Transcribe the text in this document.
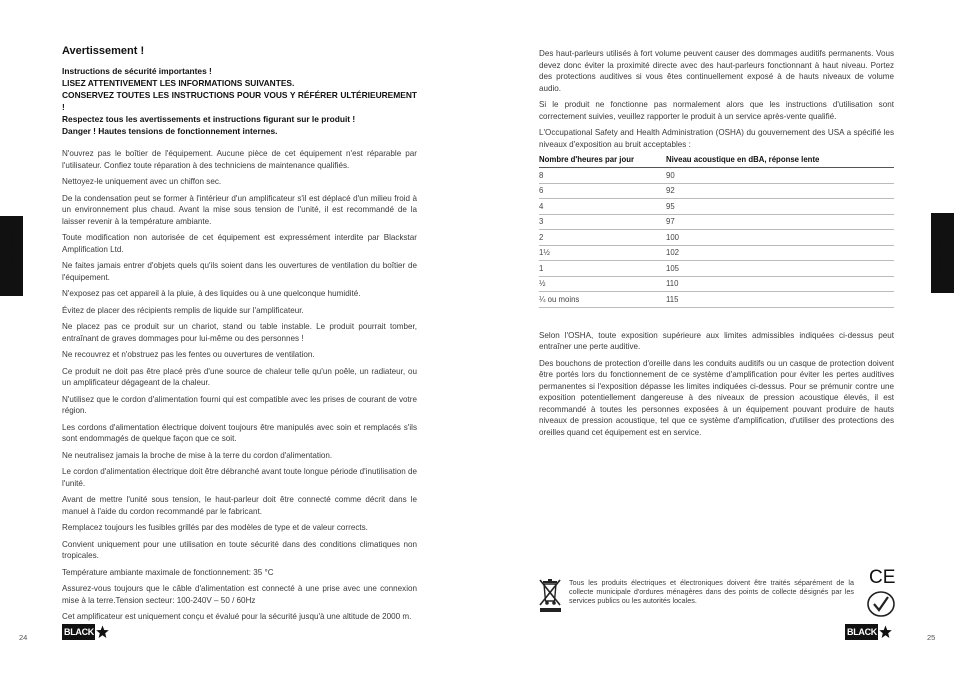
Français	Français
Avertissement !

Instructions de sécurité importantes !

LISEZ ATTENTIVEMENT LES INFORMATIONS SUIVANTES.

CONSERVEZ TOUTES LES INSTRUCTIONS POUR VOUS Y RÉFÉRER ULTÉRIEUREMENT !

Respectez tous les avertissements et instructions figurant sur le produit !

Danger ! Hautes tensions de fonctionnement internes.

N'ouvrez pas le boîtier de l'équipement. Aucune pièce de cet équipement n'est réparable par l'utilisateur. Confiez toute réparation à des techniciens de maintenance qualifiés.

Nettoyez-le uniquement avec un chiffon sec.

De la condensation peut se former à l'intérieur d'un amplificateur s'il est déplacé d'un milieu froid à un environnement plus chaud. Avant la mise sous tension de l'unité, il est recommandé de la laisser revenir à la température ambiante.

Toute modification non autorisée de cet équipement est expressément interdite par Blackstar Amplification Ltd.

Ne faites jamais entrer d'objets quels qu'ils soient dans les ouvertures de ventilation du boîtier de l'équipement.

N'exposez pas cet appareil à la pluie, à des liquides ou à une quelconque humidité.

Évitez de placer des récipients remplis de liquide sur l'amplificateur.

Ne placez pas ce produit sur un chariot, stand ou table instable. Le produit pourrait tomber, entraînant de graves dommages pour lui-même ou des personnes !

Ne recouvrez et n'obstruez pas les fentes ou ouvertures de ventilation.

Ce produit ne doit pas être placé près d'une source de chaleur telle qu'un poêle, un radiateur, ou un amplificateur dégageant de la chaleur.

N'utilisez que le cordon d'alimentation fourni qui est compatible avec les prises de courant de votre région.

Les cordons d'alimentation électrique doivent toujours être manipulés avec soin et remplacés s'ils sont endommagés de quelque façon que ce soit.

Ne neutralisez jamais la broche de mise à la terre du cordon d'alimentation.

Le cordon d'alimentation électrique doit être débranché avant toute longue période d'inutilisation de l'unité.

Avant de mettre l'unité sous tension, le haut-parleur doit être connecté comme décrit dans le manuel à l'aide du cordon recommandé par le fabricant.

Remplacez toujours les fusibles grillés par des modèles de type et de valeur corrects.

Convient uniquement pour une utilisation en toute sécurité dans des conditions climatiques non tropicales.

Température ambiante maximale de fonctionnement: 35 °C

Assurez-vous toujours que le câble d'alimentation est connecté à une prise avec une connexion mise à la terre.Tension secteur: 100-240V – 50 / 60Hz

Cet amplificateur est uniquement conçu et évalué pour la sécurité jusqu'à une altitude de 2000 m.

Des haut-parleurs utilisés à fort volume peuvent causer des dommages auditifs permanents. Vous devez donc éviter la proximité directe avec des haut-parleurs fonctionnant à haut niveau. Portez des protections auditives si vous êtes continuellement exposé à de hauts niveaux de volume audio.

Si le produit ne fonctionne pas normalement alors que les instructions d'utilisation sont correctement suivies, veuillez rapporter le produit à un service après-vente qualifié.

L'Occupational Safety and Health Administration (OSHA) du gouvernement des USA a spécifié les niveaux d'exposition au bruit acceptables :

Nombre d'heures par jour	Niveau acoustique en dBA, réponse lente
8	90
6	92
4	95
3	97
2	100
1½	102
1	105
½	110
¼ ou moins	115

Selon l'OSHA, toute exposition supérieure aux limites admissibles indiquées ci-dessus peut entraîner une perte auditive.

Des bouchons de protection d'oreille dans les conduits auditifs ou un casque de protection doivent être portés lors du fonctionnement de ce système d'amplification pour éviter les pertes auditives permanentes si l'exposition dépasse les limites indiquées ci-dessus. Pour se prémunir contre une exposition potentiellement dangereuse à des niveaux de pression acoustique élevés, il est recommandé à toutes les personnes exposées à un équipement pouvant produire de hauts niveaux de pression acoustique, tel que ce système d'amplification, d'utiliser des protections des oreilles quand cet équipement est en service.

Tous les produits électriques et électroniques doivent être traités séparément de la collecte municipale d'ordures ménagères dans des points de collecte désignés par les services publics ou les autorités locales.
CE
24
BLACK
25
BLACK
